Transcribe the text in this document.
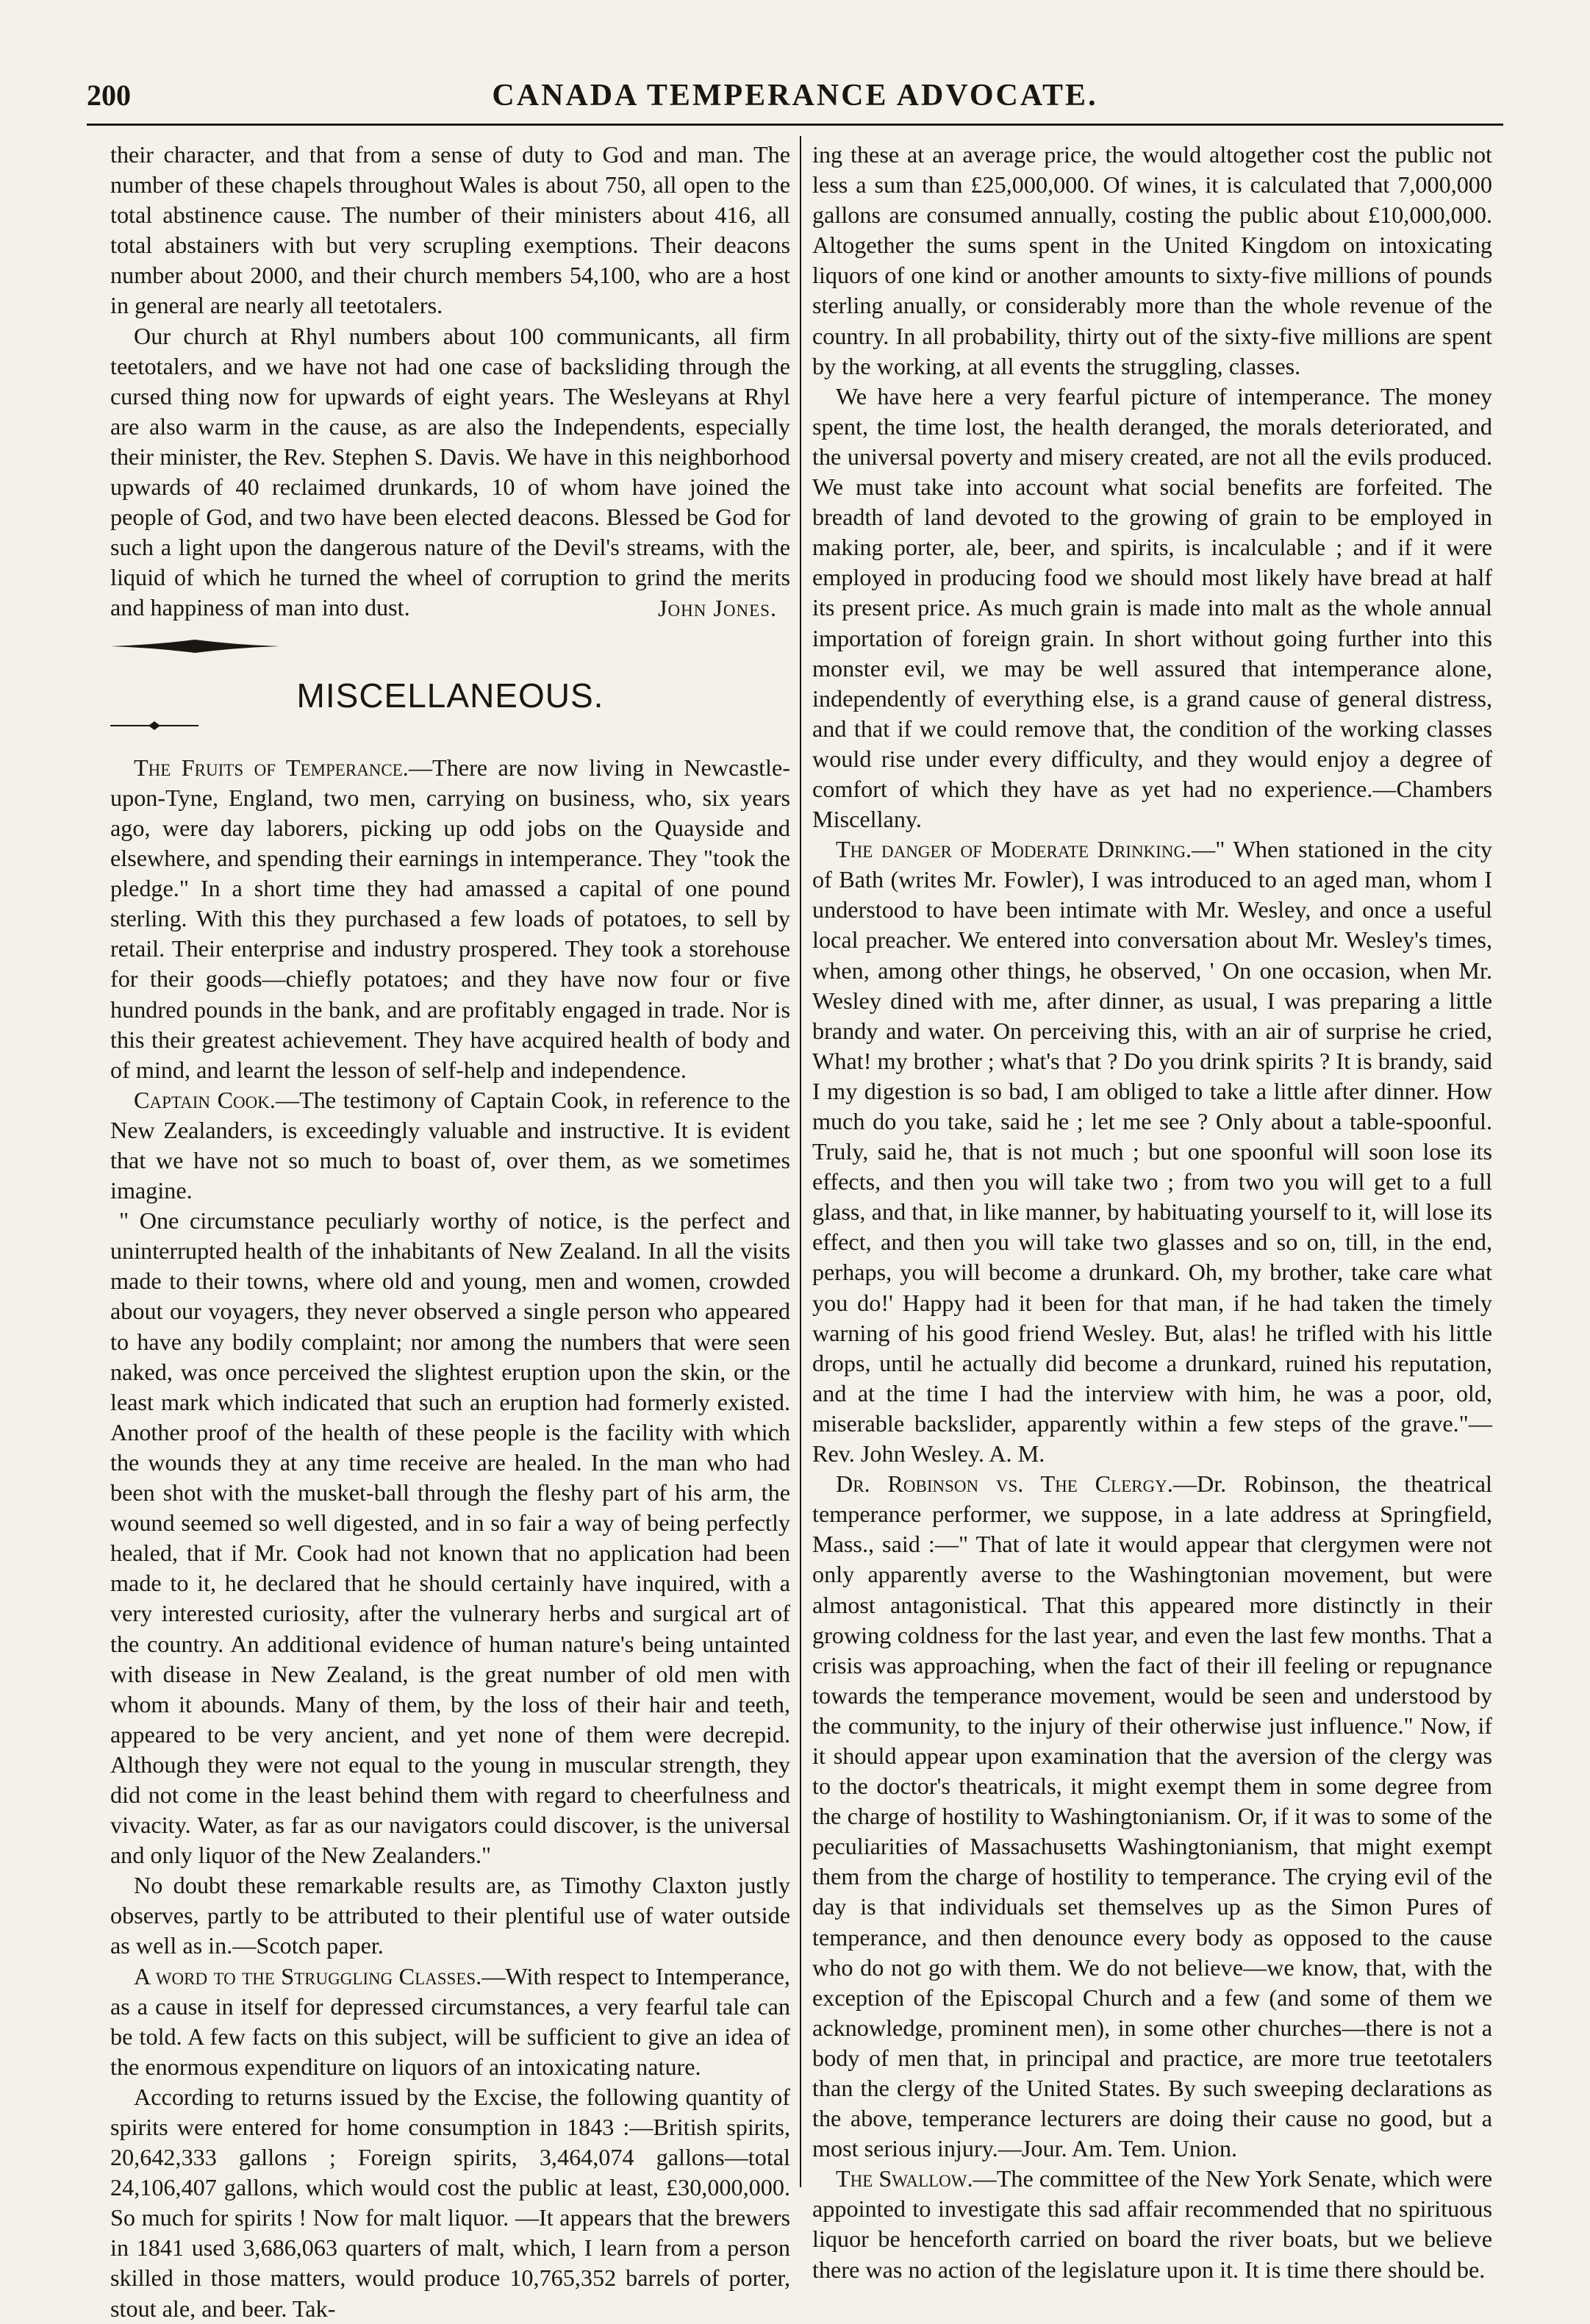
200	CANADA TEMPERANCE ADVOCATE.

their character, and that from a sense of duty to God and man. The number of these chapels throughout Wales is about 750, all open to the total abstinence cause. The number of their ministers about 416, all total abstainers with but very scrupling exemptions. Their deacons number about 2000, and their church members 54,100, who are a host in general are nearly all teetotalers.

Our church at Rhyl numbers about 100 communicants, all firm teetotalers, and we have not had one case of backsliding through the cursed thing now for upwards of eight years. The Wesleyans at Rhyl are also warm in the cause, as are also the Independents, especially their minister, the Rev. Stephen S. Davis. We have in this neighborhood upwards of 40 reclaimed drunkards, 10 of whom have joined the people of God, and two have been elected deacons. Blessed be God for such a light upon the dangerous nature of the Devil's streams, with the liquid of which he turned the wheel of corruption to grind the merits and happiness of man into dust.	John Jones.
MISCELLANEOUS.

The Fruits of Temperance.—There are now living in Newcastle-upon-Tyne, England, two men, carrying on business, who, six years ago, were day laborers, picking up odd jobs on the Quayside and elsewhere, and spending their earnings in intemperance. They "took the pledge." In a short time they had amassed a capital of one pound sterling. With this they purchased a few loads of potatoes, to sell by retail. Their enterprise and industry prospered. They took a storehouse for their goods—chiefly potatoes; and they have now four or five hundred pounds in the bank, and are profitably engaged in trade. Nor is this their greatest achievement. They have acquired health of body and of mind, and learnt the lesson of self-help and independence.

Captain Cook.—The testimony of Captain Cook, in reference to the New Zealanders, is exceedingly valuable and instructive. It is evident that we have not so much to boast of, over them, as we sometimes imagine.

" One circumstance peculiarly worthy of notice, is the perfect and uninterrupted health of the inhabitants of New Zealand. In all the visits made to their towns, where old and young, men and women, crowded about our voyagers, they never observed a single person who appeared to have any bodily complaint; nor among the numbers that were seen naked, was once perceived the slightest eruption upon the skin, or the least mark which indicated that such an eruption had formerly existed. Another proof of the health of these people is the facility with which the wounds they at any time receive are healed. In the man who had been shot with the musket-ball through the fleshy part of his arm, the wound seemed so well digested, and in so fair a way of being perfectly healed, that if Mr. Cook had not known that no application had been made to it, he declared that he should certainly have inquired, with a very interested curiosity, after the vulnerary herbs and surgical art of the country. An additional evidence of human nature's being untainted with disease in New Zealand, is the great number of old men with whom it abounds. Many of them, by the loss of their hair and teeth, appeared to be very ancient, and yet none of them were decrepid. Although they were not equal to the young in muscular strength, they did not come in the least behind them with regard to cheerfulness and vivacity. Water, as far as our navigators could discover, is the universal and only liquor of the New Zealanders."

No doubt these remarkable results are, as Timothy Claxton justly observes, partly to be attributed to their plentiful use of water outside as well as in.—Scotch paper.

A word to the Struggling Classes.—With respect to Intemperance, as a cause in itself for depressed circumstances, a very fearful tale can be told. A few facts on this subject, will be sufficient to give an idea of the enormous expenditure on liquors of an intoxicating nature.

According to returns issued by the Excise, the following quantity of spirits were entered for home consumption in 1843 :—British spirits, 20,642,333 gallons ; Foreign spirits, 3,464,074 gallons—total 24,106,407 gallons, which would cost the public at least, £30,000,000. So much for spirits ! Now for malt liquor. —It appears that the brewers in 1841 used 3,686,063 quarters of malt, which, I learn from a person skilled in those matters, would produce 10,765,352 barrels of porter, stout ale, and beer. Tak-

ing these at an average price, the would altogether cost the public not less a sum than £25,000,000. Of wines, it is calculated that 7,000,000 gallons are consumed annually, costing the public about £10,000,000. Altogether the sums spent in the United Kingdom on intoxicating liquors of one kind or another amounts to sixty-five millions of pounds sterling anually, or considerably more than the whole revenue of the country. In all probability, thirty out of the sixty-five millions are spent by the working, at all events the struggling, classes.

We have here a very fearful picture of intemperance. The money spent, the time lost, the health deranged, the morals deteriorated, and the universal poverty and misery created, are not all the evils produced. We must take into account what social benefits are forfeited. The breadth of land devoted to the growing of grain to be employed in making porter, ale, beer, and spirits, is incalculable ; and if it were employed in producing food we should most likely have bread at half its present price. As much grain is made into malt as the whole annual importation of foreign grain. In short without going further into this monster evil, we may be well assured that intemperance alone, independently of everything else, is a grand cause of general distress, and that if we could remove that, the condition of the working classes would rise under every difficulty, and they would enjoy a degree of comfort of which they have as yet had no experience.—Chambers Miscellany.

The danger of Moderate Drinking.—" When stationed in the city of Bath (writes Mr. Fowler), I was introduced to an aged man, whom I understood to have been intimate with Mr. Wesley, and once a useful local preacher. We entered into conversation about Mr. Wesley's times, when, among other things, he observed, ' On one occasion, when Mr. Wesley dined with me, after dinner, as usual, I was preparing a little brandy and water. On perceiving this, with an air of surprise he cried, What! my brother ; what's that ? Do you drink spirits ? It is brandy, said I my digestion is so bad, I am obliged to take a little after dinner. How much do you take, said he ; let me see ? Only about a table-spoonful. Truly, said he, that is not much ; but one spoonful will soon lose its effects, and then you will take two ; from two you will get to a full glass, and that, in like manner, by habituating yourself to it, will lose its effect, and then you will take two glasses and so on, till, in the end, perhaps, you will become a drunkard. Oh, my brother, take care what you do!' Happy had it been for that man, if he had taken the timely warning of his good friend Wesley. But, alas! he trifled with his little drops, until he actually did become a drunkard, ruined his reputation, and at the time I had the interview with him, he was a poor, old, miserable backslider, apparently within a few steps of the grave."—Rev. John Wesley. A. M.

Dr. Robinson vs. The Clergy.—Dr. Robinson, the theatrical temperance performer, we suppose, in a late address at Springfield, Mass., said :—" That of late it would appear that clergymen were not only apparently averse to the Washingtonian movement, but were almost antagonistical. That this appeared more distinctly in their growing coldness for the last year, and even the last few months. That a crisis was approaching, when the fact of their ill feeling or repugnance towards the temperance movement, would be seen and understood by the community, to the injury of their otherwise just influence." Now, if it should appear upon examination that the aversion of the clergy was to the doctor's theatricals, it might exempt them in some degree from the charge of hostility to Washingtonianism. Or, if it was to some of the peculiarities of Massachusetts Washingtonianism, that might exempt them from the charge of hostility to temperance. The crying evil of the day is that individuals set themselves up as the Simon Pures of temperance, and then denounce every body as opposed to the cause who do not go with them. We do not believe—we know, that, with the exception of the Episcopal Church and a few (and some of them we acknowledge, prominent men), in some other churches—there is not a body of men that, in principal and practice, are more true teetotalers than the clergy of the United States. By such sweeping declarations as the above, temperance lecturers are doing their cause no good, but a most serious injury.—Jour. Am. Tem. Union.

The Swallow.—The committee of the New York Senate, which were appointed to investigate this sad affair recommended that no spirituous liquor be henceforth carried on board the river boats, but we believe there was no action of the legislature upon it. It is time there should be.
